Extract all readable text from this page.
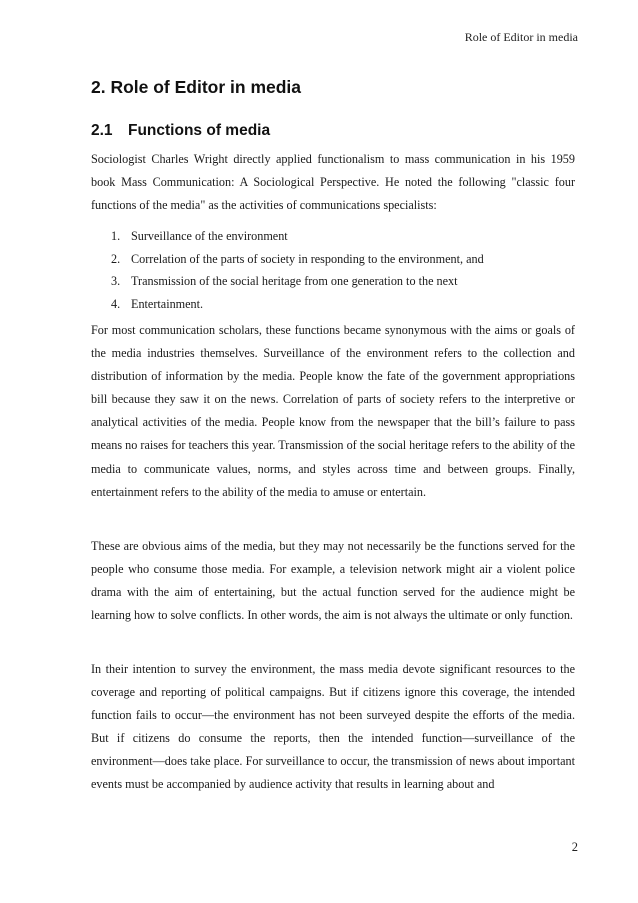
Role of Editor in media
2. Role of Editor in media
2.1 Functions of media

Sociologist Charles Wright directly applied functionalism to mass communication in his 1959 book Mass Communication: A Sociological Perspective. He noted the following "classic four functions of the media" as the activities of communications specialists:

1. Surveillance of the environment
2. Correlation of the parts of society in responding to the environment, and
3. Transmission of the social heritage from one generation to the next
4. Entertainment.

For most communication scholars, these functions became synonymous with the aims or goals of the media industries themselves. Surveillance of the environment refers to the collection and distribution of information by the media. People know the fate of the government appropriations bill because they saw it on the news. Correlation of parts of society refers to the interpretive or analytical activities of the media. People know from the newspaper that the bill’s failure to pass means no raises for teachers this year. Transmission of the social heritage refers to the ability of the media to communicate values, norms, and styles across time and between groups. Finally, entertainment refers to the ability of the media to amuse or entertain.

These are obvious aims of the media, but they may not necessarily be the functions served for the people who consume those media. For example, a television network might air a violent police drama with the aim of entertaining, but the actual function served for the audience might be learning how to solve conflicts. In other words, the aim is not always the ultimate or only function.

In their intention to survey the environment, the mass media devote significant resources to the coverage and reporting of political campaigns. But if citizens ignore this coverage, the intended function fails to occur—the environment has not been surveyed despite the efforts of the media. But if citizens do consume the reports, then the intended function—surveillance of the environment—does take place. For surveillance to occur, the transmission of news about important events must be accompanied by audience activity that results in learning about and

2
